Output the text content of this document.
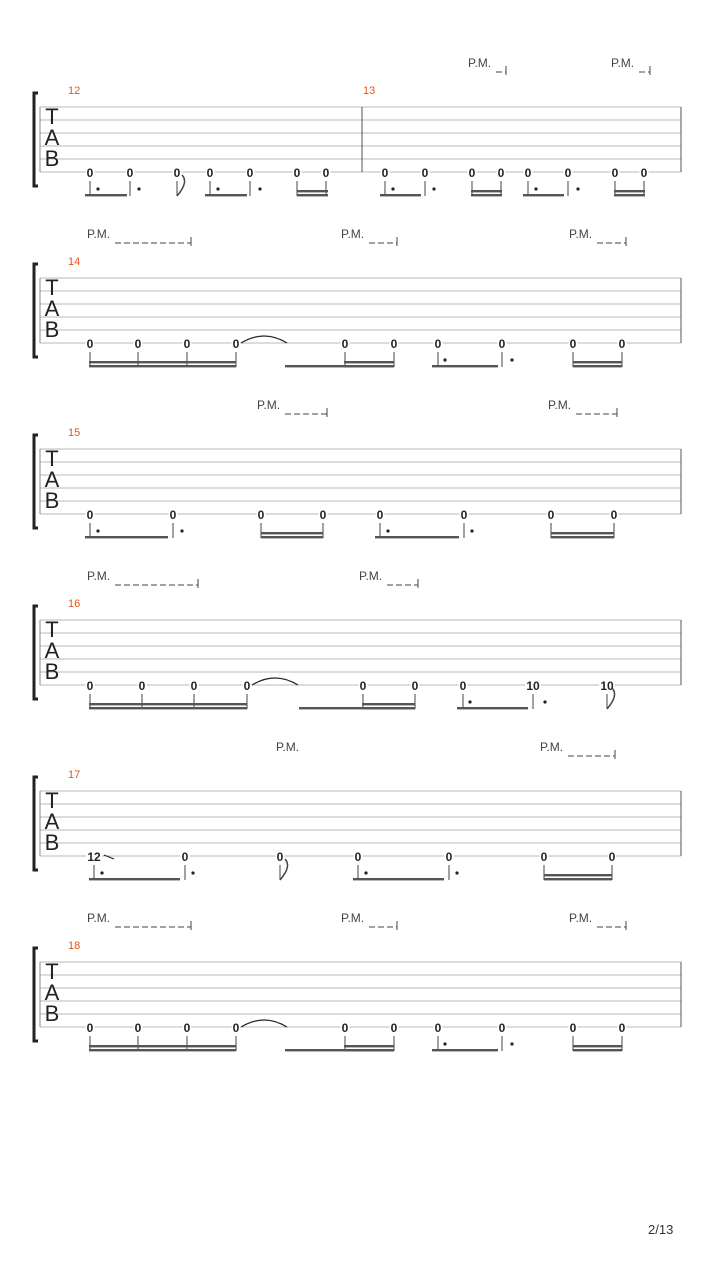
T
A
B
12
0	0	0 0	0	0 0
13
0	0	0 0 0	0	0 0
P.M.	P.M.
T
A
B
14
0	0	0	0	0	0	0	0	0	0
P.M.	P.M.	P.M.
T
A
B
15
0	0	0	0	0	0	0	0
P.M.	P.M.
T
A
B
16
0	0	0	0	0	0	0	10	10
P.M.	P.M.
T
A
B
17
12	0	0	0	0	0	0
P.M.	P.M.
T
A
B
18
0	0	0	0	0	0	0	0	0	0
P.M.	P.M.	P.M.
2/13
